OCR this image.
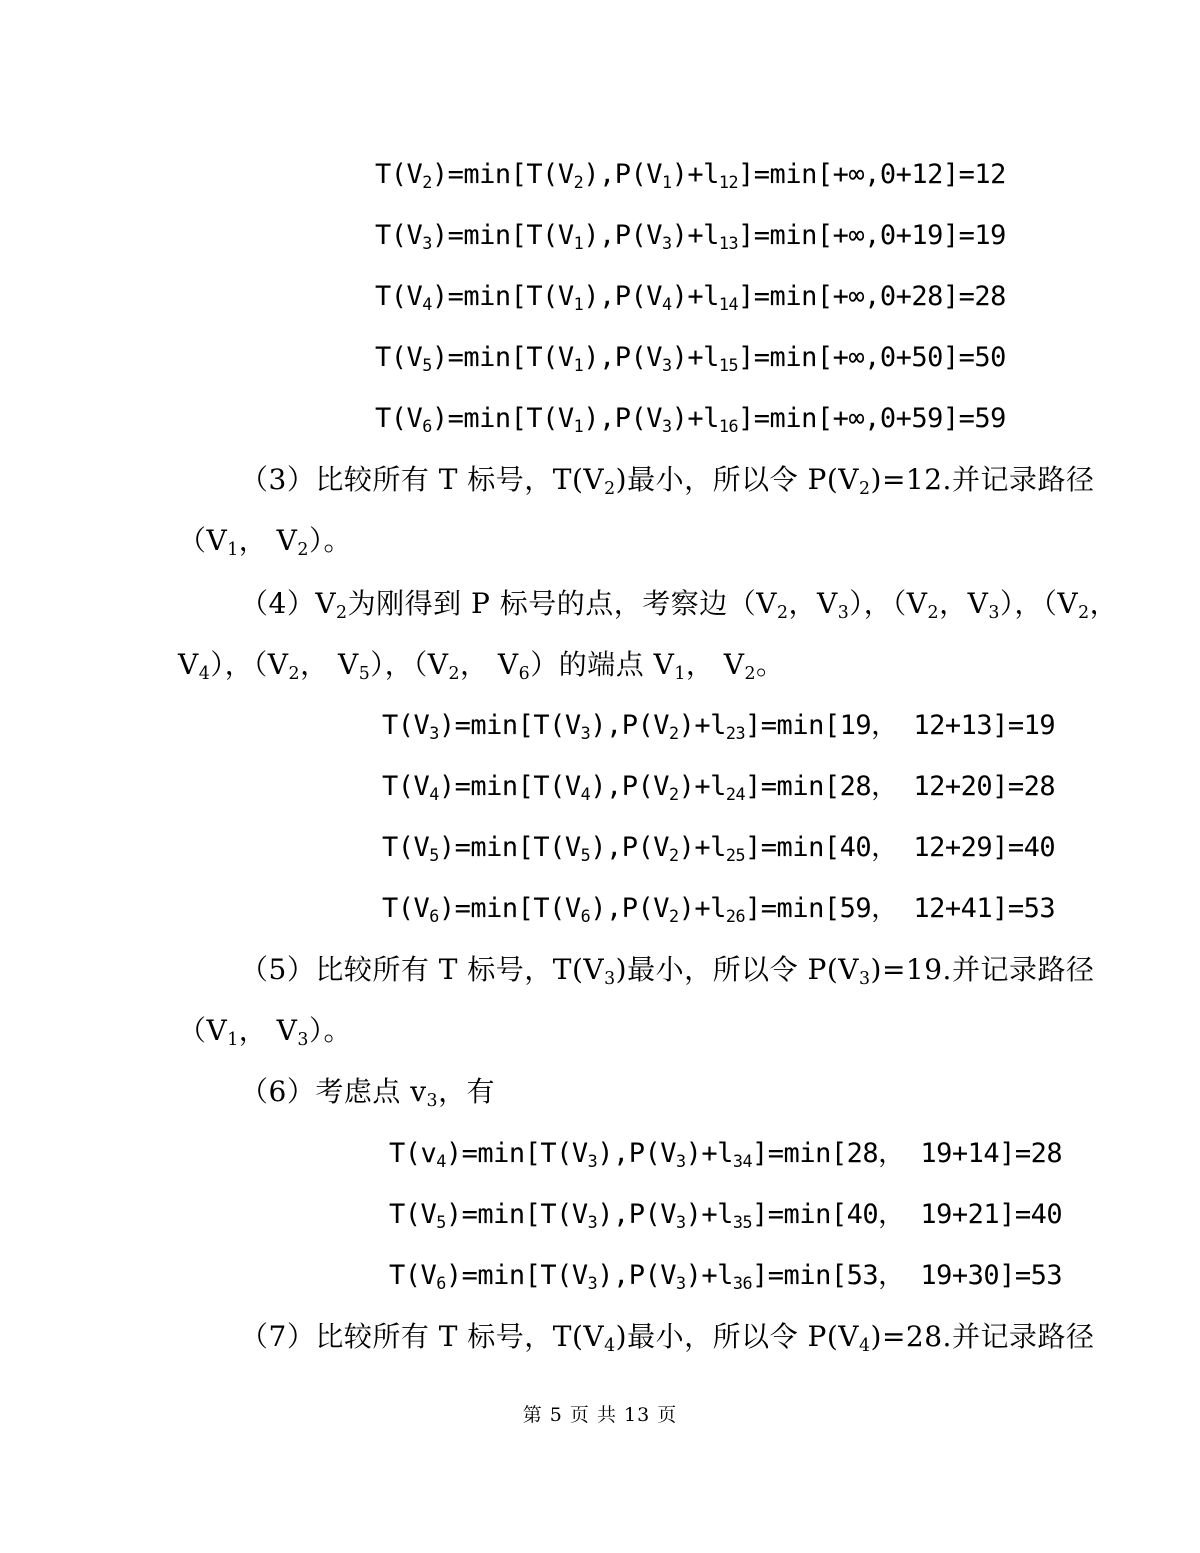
$T(V_2)=\min[T(V_2),P(V_1)+l_{12}]=\min[+\infty,0+12]=12$
$T(V_3)=\min[T(V_1),P(V_3)+l_{13}]=\min[+\infty,0+19]=19$
$T(V_4)=\min[T(V_1),P(V_4)+l_{14}]=\min[+\infty,0+28]=28$
$T(V_5)=\min[T(V_1),P(V_3)+l_{15}]=\min[+\infty,0+50]=50$
$T(V_6)=\min[T(V_1),P(V_3)+l_{16}]=\min[+\infty,0+59]=59$
（3）比较所有 T 标号，$T(V_2)$最小，所以令 $P(V_2)=12$.并记录路径
（$V_1$， $V_2$）。
$(4)V_2$为刚得到 P 标号的点，考察边（$V_2$，$V_3$），（$V_2$，$V_3$），（$V_2$，
$V_4$），（$V_2$， $V_5$），（$V_2$， $V_6$）的端点 $V_1$， $V_2$。
$T(V_3)=\min[T(V_3),P(V_2)+l_{23}]=\min[19$， 12+13]=19
$T(V_4)=\min[T(V_4),P(V_2)+l_{24}]=\min[28$， 12+20]=28
$T(V_5)=\min[T(V_5),P(V_2)+l_{25}]=\min[40$， 12+29]=40
$T(V_6)=\min[T(V_6),P(V_2)+l_{26}]=\min[59$， 12+41]=53
（5）比较所有 T 标号，$T(V_3)$最小，所以令 $P(V_3)=19$.并记录路径
（$V_1$， $V_3$）。
（6）考虑点 $v_3$，有
$T(v_4)=\min[T(V_3),P(V_3)+l_{34}]=\min[28$， 19+14]=28
$T(V_5)=\min[T(V_3),P(V_3)+l_{35}]=\min[40$， 19+21]=40
$T(V_6)=\min[T(V_3),P(V_3)+l_{36}]=\min[53$， 19+30]=53
（7）比较所有 T 标号，$T(V_4)$最小，所以令 $P(V_4)=28$.并记录路径
第 5 页 共 13 页
